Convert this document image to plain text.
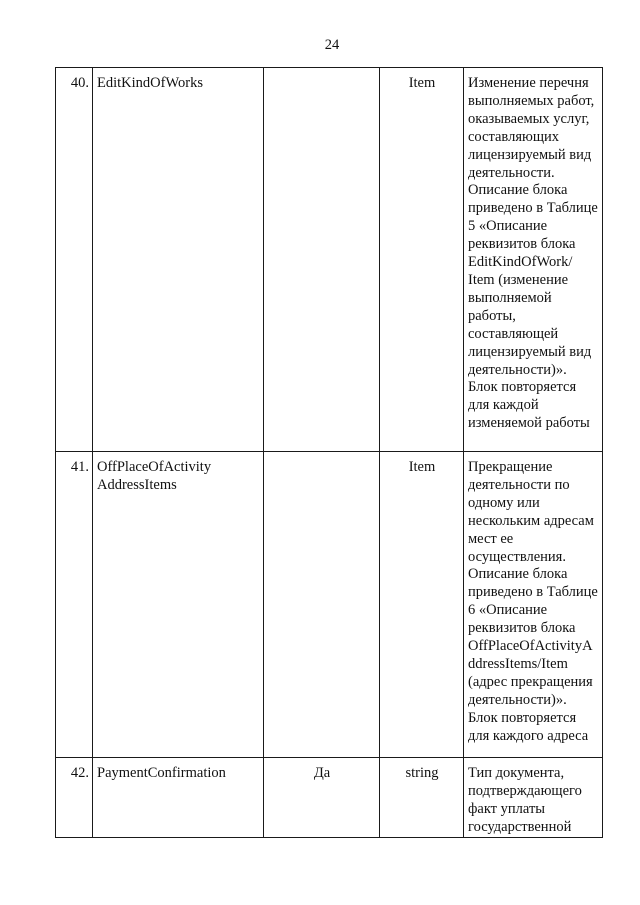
24
40.	EditKindOfWorks		Item	Изменение перечня выполняемых работ, оказываемых услуг, составляющих лицензируемый вид деятельности. Описание блока приведено в Таблице 5 «Описание реквизитов блока EditKindOfWork/ Item (изменение выполняемой работы, составляющей лицензируемый вид деятельности)». Блок повторяется для каждой изменяемой работы
41.	OffPlaceOfActivity AddressItems		Item	Прекращение деятельности по одному или нескольким адресам мест ее осуществления. Описание блока приведено в Таблице 6 «Описание реквизитов блока OffPlaceOfActivityA ddressItems/Item (адрес прекращения деятельности)». Блок повторяется для каждого адреса
42.	PaymentConfirmation	Да	string	Тип документа, подтверждающего факт уплаты государственной
